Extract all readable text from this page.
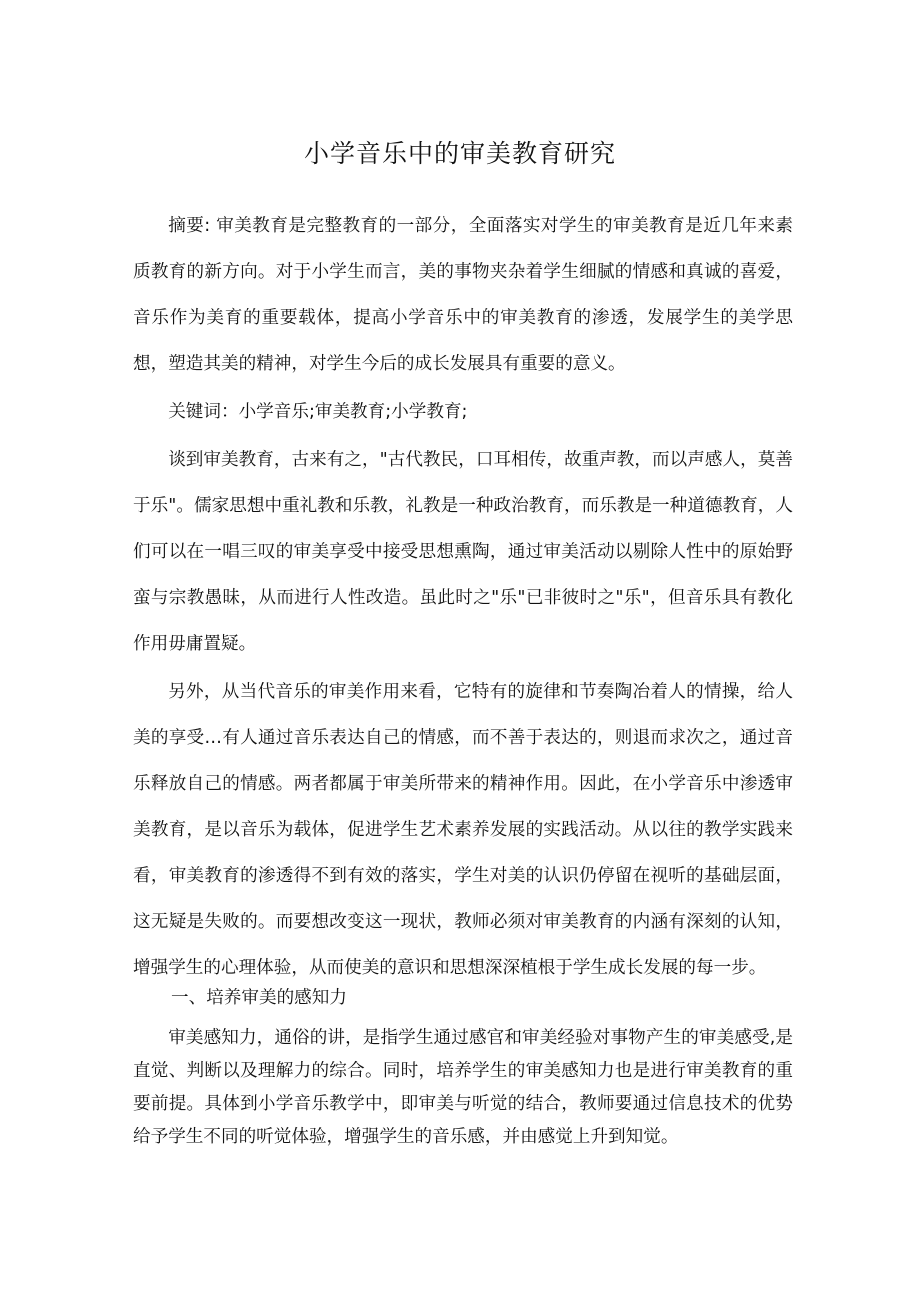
小学音乐中的审美教育研究

摘要: 审美教育是完整教育的一部分，全面落实对学生的审美教育是近几年来素质教育的新方向。对于小学生而言，美的事物夹杂着学生细腻的情感和真诚的喜爱，音乐作为美育的重要载体，提高小学音乐中的审美教育的渗透，发展学生的美学思想，塑造其美的精神，对学生今后的成长发展具有重要的意义。

关键词：小学音乐;审美教育;小学教育;

谈到审美教育，古来有之，"古代教民，口耳相传，故重声教，而以声感人，莫善于乐"。儒家思想中重礼教和乐教，礼教是一种政治教育，而乐教是一种道德教育，人们可以在一唱三叹的审美享受中接受思想熏陶，通过审美活动以剔除人性中的原始野蛮与宗教愚昧，从而进行人性改造。虽此时之"乐"已非彼时之"乐"，但音乐具有教化作用毋庸置疑。

另外，从当代音乐的审美作用来看，它特有的旋律和节奏陶冶着人的情操，给人美的享受…有人通过音乐表达自己的情感，而不善于表达的，则退而求次之，通过音乐释放自己的情感。两者都属于审美所带来的精神作用。因此，在小学音乐中渗透审美教育，是以音乐为载体，促进学生艺术素养发展的实践活动。从以往的教学实践来看，审美教育的渗透得不到有效的落实，学生对美的认识仍停留在视听的基础层面，这无疑是失败的。而要想改变这一现状，教师必须对审美教育的内涵有深刻的认知，增强学生的心理体验，从而使美的意识和思想深深植根于学生成长发展的每一步。

一、培养审美的感知力

审美感知力，通俗的讲，是指学生通过感官和审美经验对事物产生的审美感受,是直觉、判断以及理解力的综合。同时，培养学生的审美感知力也是进行审美教育的重要前提。具体到小学音乐教学中，即审美与听觉的结合，教师要通过信息技术的优势给予学生不同的听觉体验，增强学生的音乐感，并由感觉上升到知觉。
